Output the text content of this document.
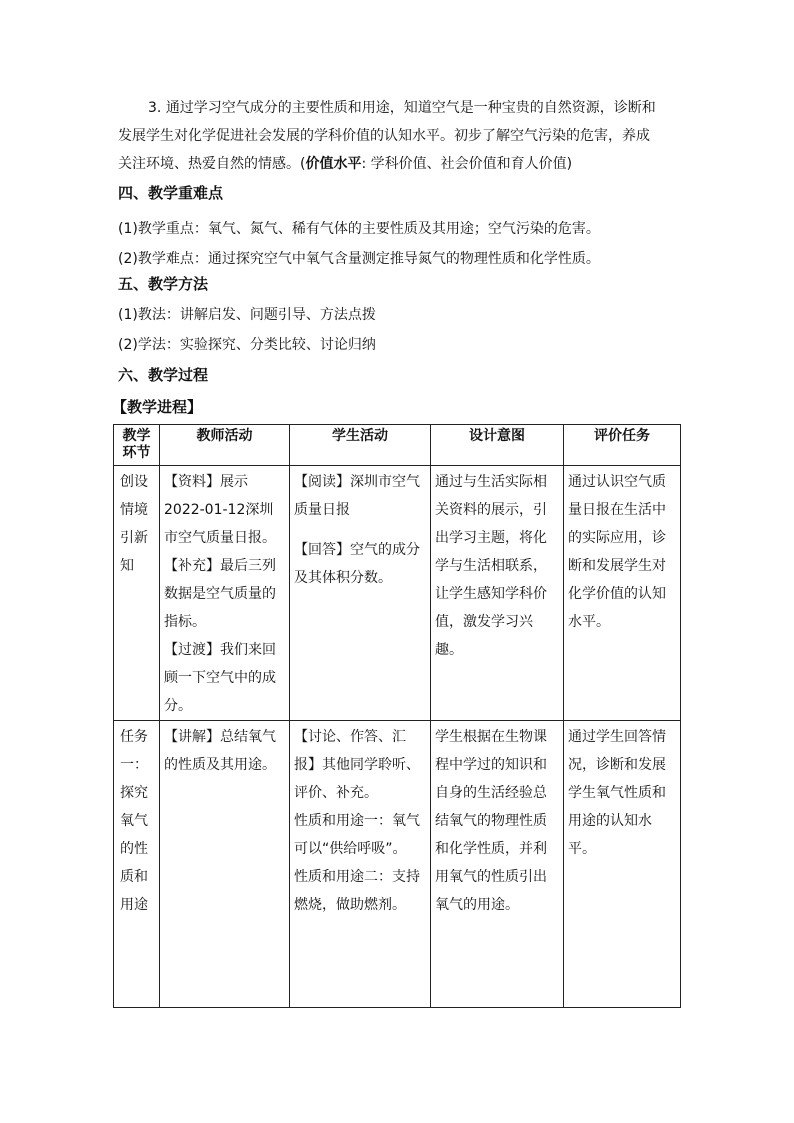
3. 通过学习空气成分的主要性质和用途，知道空气是一种宝贵的自然资源，诊断和
发展学生对化学促进社会发展的学科价值的认知水平。初步了解空气污染的危害，养成
关注环境、热爱自然的情感。(价值水平: 学科价值、社会价值和育人价值)
四、教学重难点
(1)教学重点：氧气、氮气、稀有气体的主要性质及其用途；空气污染的危害。
(2)教学难点：通过探究空气中氧气含量测定推导氮气的物理性质和化学性质。
五、教学方法
(1)教法：讲解启发、问题引导、方法点拨
(2)学法：实验探究、分类比较、讨论归纳
六、教学过程
【教学进程】
教学环节	教师活动	学生活动	设计意图	评价任务
创设情境引新知	【资料】展示2022-01-12深圳市空气质量日报。
【补充】最后三列数据是空气质量的指标。
【过渡】我们来回顾一下空气中的成分。	【阅读】深圳市空气质量日报
【回答】空气的成分及其体积分数。	通过与生活实际相关资料的展示，引出学习主题，将化学与生活相联系，让学生感知学科价值，激发学习兴趣。	通过认识空气质量日报在生活中的实际应用，诊断和发展学生对化学价值的认知水平。
任务一：探究氧气的性质和用途	【讲解】总结氧气的性质及其用途。	【讨论、作答、汇报】其他同学聆听、评价、补充。
性质和用途一：氧气可以“供给呼吸”。
性质和用途二：支持燃烧，做助燃剂。	学生根据在生物课程中学过的知识和自身的生活经验总结氧气的物理性质和化学性质，并利用氧气的性质引出氧气的用途。	通过学生回答情况，诊断和发展学生氧气性质和用途的认知水平。
